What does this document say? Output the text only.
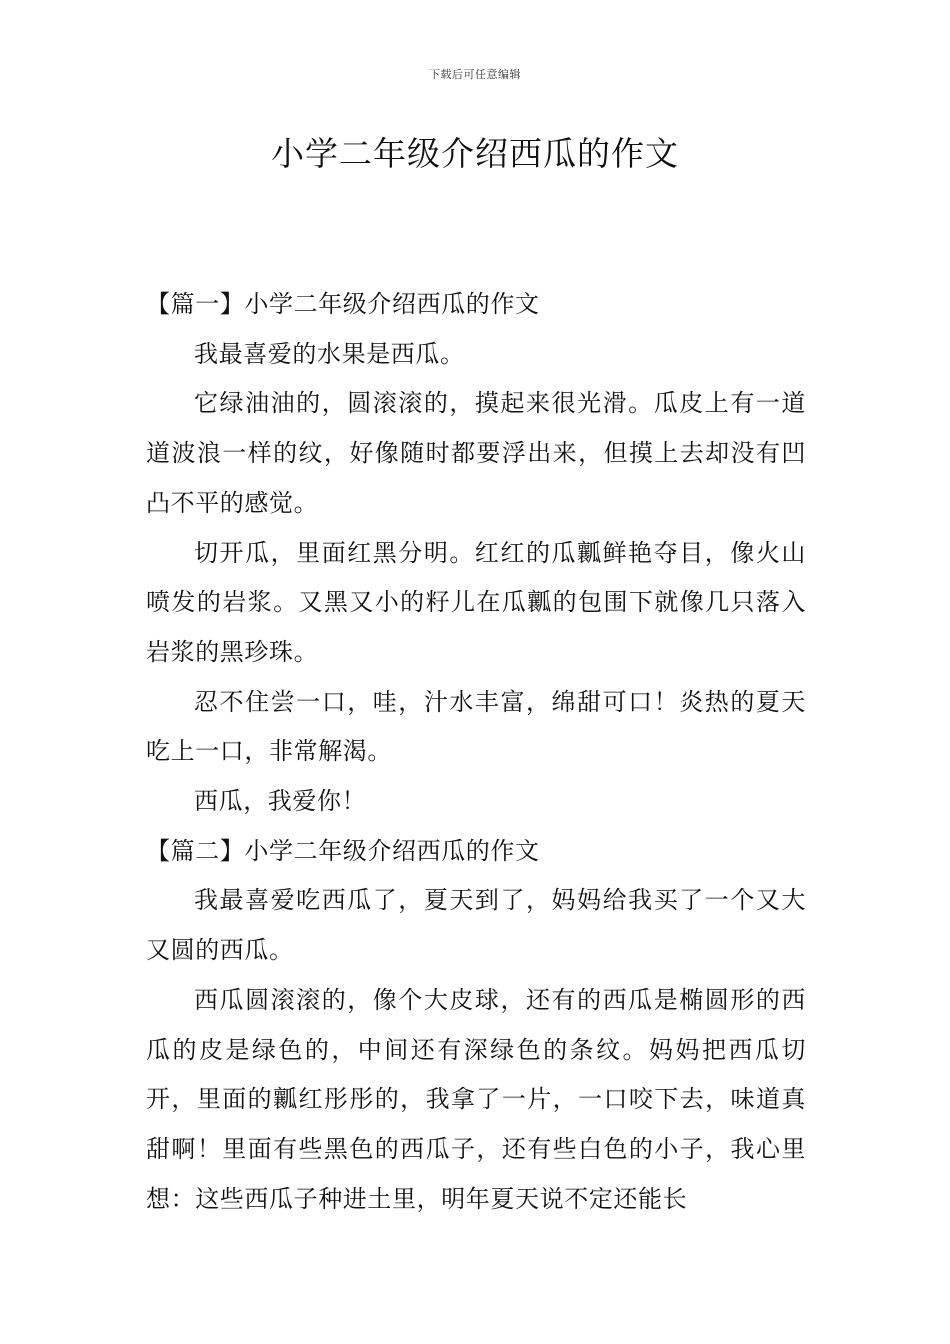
下载后可任意编辑
小学二年级介绍西瓜的作文

【篇一】小学二年级介绍西瓜的作文

我最喜爱的水果是西瓜。

它绿油油的，圆滚滚的，摸起来很光滑。瓜皮上有一道道波浪一样的纹，好像随时都要浮出来，但摸上去却没有凹凸不平的感觉。

切开瓜，里面红黑分明。红红的瓜瓤鲜艳夺目，像火山喷发的岩浆。又黑又小的籽儿在瓜瓤的包围下就像几只落入岩浆的黑珍珠。

忍不住尝一口，哇，汁水丰富，绵甜可口！炎热的夏天吃上一口，非常解渴。

西瓜，我爱你！

【篇二】小学二年级介绍西瓜的作文

我最喜爱吃西瓜了，夏天到了，妈妈给我买了一个又大又圆的西瓜。

西瓜圆滚滚的，像个大皮球，还有的西瓜是椭圆形的西瓜的皮是绿色的，中间还有深绿色的条纹。妈妈把西瓜切开，里面的瓤红彤彤的，我拿了一片，一口咬下去，味道真甜啊！里面有些黑色的西瓜子，还有些白色的小子，我心里想：这些西瓜子种进土里，明年夏天说不定还能长
